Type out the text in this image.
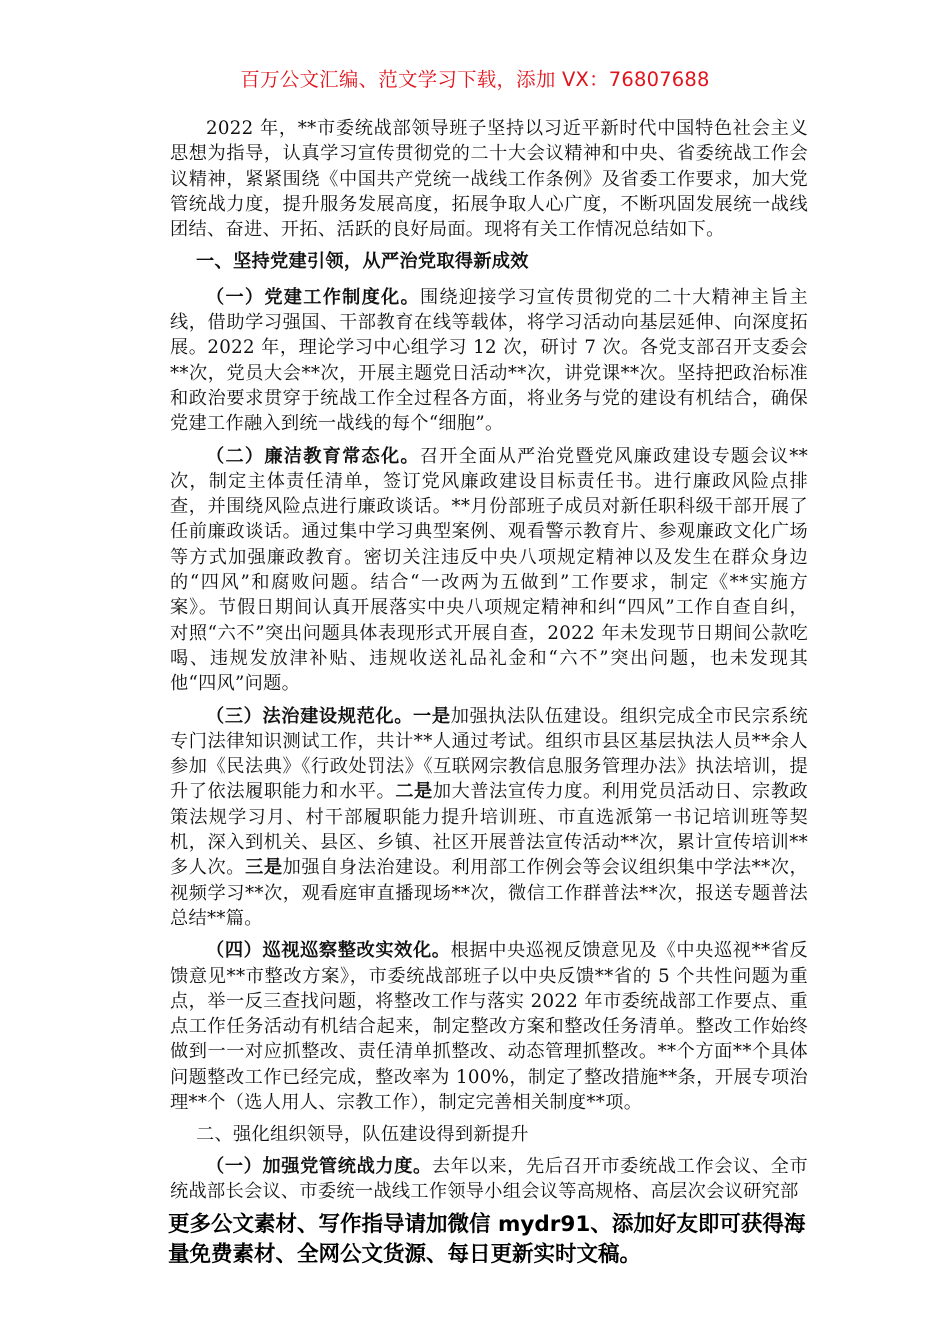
百万公文汇编、范文学习下载，添加 VX：76807688

2022 年，**市委统战部领导班子坚持以习近平新时代中国特色社会主义思想为指导，认真学习宣传贯彻党的二十大会议精神和中央、省委统战工作会议精神，紧紧围绕《中国共产党统一战线工作条例》及省委工作要求，加大党管统战力度，提升服务发展高度，拓展争取人心广度，不断巩固发展统一战线团结、奋进、开拓、活跃的良好局面。现将有关工作情况总结如下。

一、坚持党建引领，从严治党取得新成效

（一）党建工作制度化。围绕迎接学习宣传贯彻党的二十大精神主旨主线，借助学习强国、干部教育在线等载体，将学习活动向基层延伸、向深度拓展。2022 年，理论学习中心组学习 12 次，研讨 7 次。各党支部召开支委会**次，党员大会**次，开展主题党日活动**次，讲党课**次。坚持把政治标准和政治要求贯穿于统战工作全过程各方面，将业务与党的建设有机结合，确保党建工作融入到统一战线的每个“细胞”。

（二）廉洁教育常态化。召开全面从严治党暨党风廉政建设专题会议**次，制定主体责任清单，签订党风廉政建设目标责任书。进行廉政风险点排查，并围绕风险点进行廉政谈话。**月份部班子成员对新任职科级干部开展了任前廉政谈话。通过集中学习典型案例、观看警示教育片、参观廉政文化广场等方式加强廉政教育。密切关注违反中央八项规定精神以及发生在群众身边的“四风”和腐败问题。结合“一改两为五做到”工作要求，制定《**实施方案》。节假日期间认真开展落实中央八项规定精神和纠“四风”工作自查自纠，对照“六不”突出问题具体表现形式开展自查，2022 年未发现节日期间公款吃喝、违规发放津补贴、违规收送礼品礼金和“六不”突出问题，也未发现其他“四风”问题。

（三）法治建设规范化。一是加强执法队伍建设。组织完成全市民宗系统专门法律知识测试工作，共计**人通过考试。组织市县区基层执法人员**余人参加《民法典》《行政处罚法》《互联网宗教信息服务管理办法》执法培训，提升了依法履职能力和水平。二是加大普法宣传力度。利用党员活动日、宗教政策法规学习月、村干部履职能力提升培训班、市直选派第一书记培训班等契机，深入到机关、县区、乡镇、社区开展普法宣传活动**次，累计宣传培训**多人次。三是加强自身法治建设。利用部工作例会等会议组织集中学法**次，视频学习**次，观看庭审直播现场**次，微信工作群普法**次，报送专题普法总结**篇。

（四）巡视巡察整改实效化。根据中央巡视反馈意见及《中央巡视**省反馈意见**市整改方案》，市委统战部班子以中央反馈**省的 5 个共性问题为重点，举一反三查找问题，将整改工作与落实 2022 年市委统战部工作要点、重点工作任务活动有机结合起来，制定整改方案和整改任务清单。整改工作始终做到一一对应抓整改、责任清单抓整改、动态管理抓整改。**个方面**个具体问题整改工作已经完成，整改率为 100%，制定了整改措施**条，开展专项治理**个（选人用人、宗教工作），制定完善相关制度**项。

二、强化组织领导，队伍建设得到新提升

（一）加强党管统战力度。去年以来，先后召开市委统战工作会议、全市统战部长会议、市委统一战线工作领导小组会议等高规格、高层次会议研究部

更多公文素材、写作指导请加微信 mydr91、添加好友即可获得海量免费素材、全网公文货源、每日更新实时文稿。
